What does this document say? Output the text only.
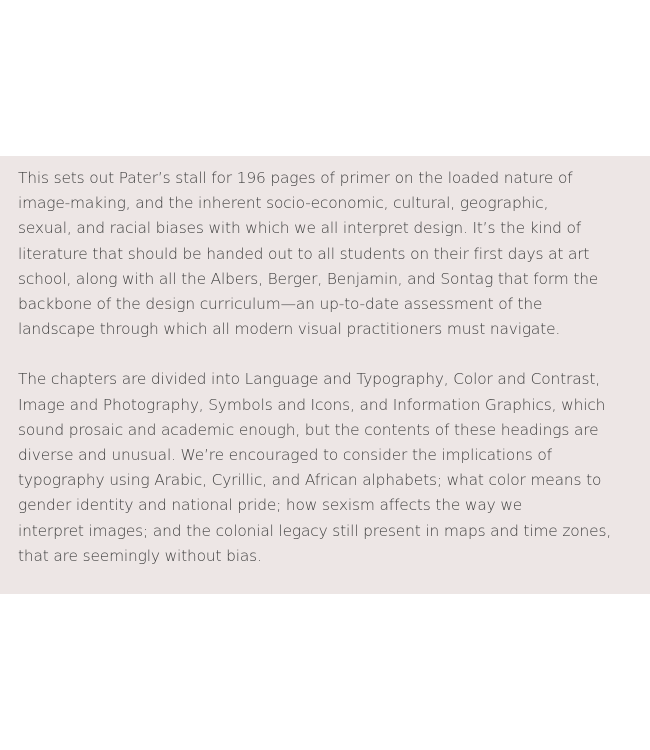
This sets out Pater’s stall for 196 pages of primer on the loaded nature of
image-making, and the inherent socio-economic, cultural, geographic,
sexual, and racial biases with which we all interpret design. It’s the kind of
literature that should be handed out to all students on their first days at art
school, along with all the Albers, Berger, Benjamin, and Sontag that form the
backbone of the design curriculum—an up-to-date assessment of the
landscape through which all modern visual practitioners must navigate.

The chapters are divided into Language and Typography, Color and Contrast,
Image and Photography, Symbols and Icons, and Information Graphics, which
sound prosaic and academic enough, but the contents of these headings are
diverse and unusual. We’re encouraged to consider the implications of
typography using Arabic, Cyrillic, and African alphabets; what color means to
gender identity and national pride; how sexism affects the way we
interpret images; and the colonial legacy still present in maps and time zones,
that are seemingly without bias.
